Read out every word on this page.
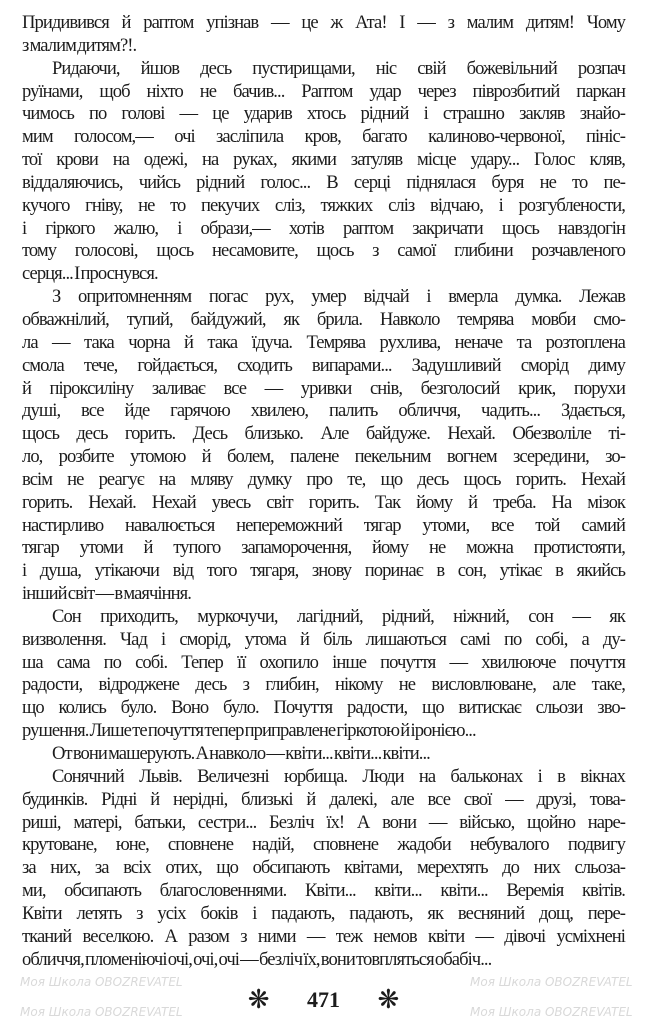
Придивився й раптом упізнав — це ж Ата! І — з малим дитям! Чому
з малим дитям?!.
Ридаючи, йшов десь пустирищами, ніс свій божевільний розпач
руїнами, щоб ніхто не бачив... Раптом удар через піврозбитий паркан
чимось по голові — це ударив хтось рідний і страшно закляв знайо-
мим голосом,— очі засліпила кров, багато калиново-червоної, пініс-
тої крови на одежі, на руках, якими затуляв місце удару... Голос кляв,
віддаляючись, чийсь рідний голос... В серці піднялася буря не то пе-
кучого гніву, не то пекучих сліз, тяжких сліз відчаю, і розгублености,
і гіркого жалю, і образи,— хотів раптом закричати щось навздогін
тому голосові, щось несамовите, щось з самої глибини розчавленого
серця... І проснувся.
З опритомненням погас рух, умер відчай і вмерла думка. Лежав
обважнілий, тупий, байдужий, як брила. Навколо темрява мовби смо-
ла — така чорна й така їдуча. Темрява рухлива, неначе та розтоплена
смола тече, гойдається, сходить випарами... Задушливий сморід диму
й піроксиліну заливає все — уривки снів, безголосий крик, порухи
душі, все йде гарячою хвилею, палить обличчя, чадить... Здається,
щось десь горить. Десь близько. Але байдуже. Нехай. Обезволіле ті-
ло, розбите утомою й болем, палене пекельним вогнем зсередини, зо-
всім не реагує на мляву думку про те, що десь щось горить. Нехай
горить. Нехай. Нехай увесь світ горить. Так йому й треба. На мізок
настирливо навалюється непереможний тягар утоми, все той самий
тягар утоми й тупого запаморочення, йому не можна протистояти,
і душа, утікаючи від того тягаря, знову поринає в сон, утікає в якийсь
інший світ — в маячіння.
Сон приходить, муркочучи, лагідний, рідний, ніжний, сон — як
визволення. Чад і сморід, утома й біль лишаються самі по собі, а ду-
ша сама по собі. Тепер її охопило інше почуття — хвилююче почуття
радости, відроджене десь з глибин, нікому не висловлюване, але таке,
що колись було. Воно було. Почуття радости, що витискає сльози зво-
рушення. Лише те почуття тепер приправлене гіркотою й іронією...
От вони машерують. А навколо — квіти... квіти... квіти...
Сонячний Львів. Величезні юрбища. Люди на бальконах і в вікнах
будинків. Рідні й нерідні, близькі й далекі, але все свої — друзі, това-
риші, матері, батьки, сестри... Безліч їх! А вони — військо, щойно наре-
крутоване, юне, сповнене надій, сповнене жадоби небувалого подвигу
за них, за всіх отих, що обсипають квітами, мерехтять до них сльоза-
ми, обсипають благословеннями. Квіти... квіти... квіти... Веремія квітів.
Квіти летять з усіх боків і падають, падають, як весняний дощ, пере-
тканий веселкою. А разом з ними — теж немов квіти — дівочі усміхнені
обличчя, пломеніючі очі, очі, очі — безліч їх, вони товпляться обабіч...
Моя Школа OBOZREVATEL	Моя Школа OBOZREVATEL
Моя Школа OBOZREVATEL	Моя Школа OBOZREVATEL
❋ 471 ❋
